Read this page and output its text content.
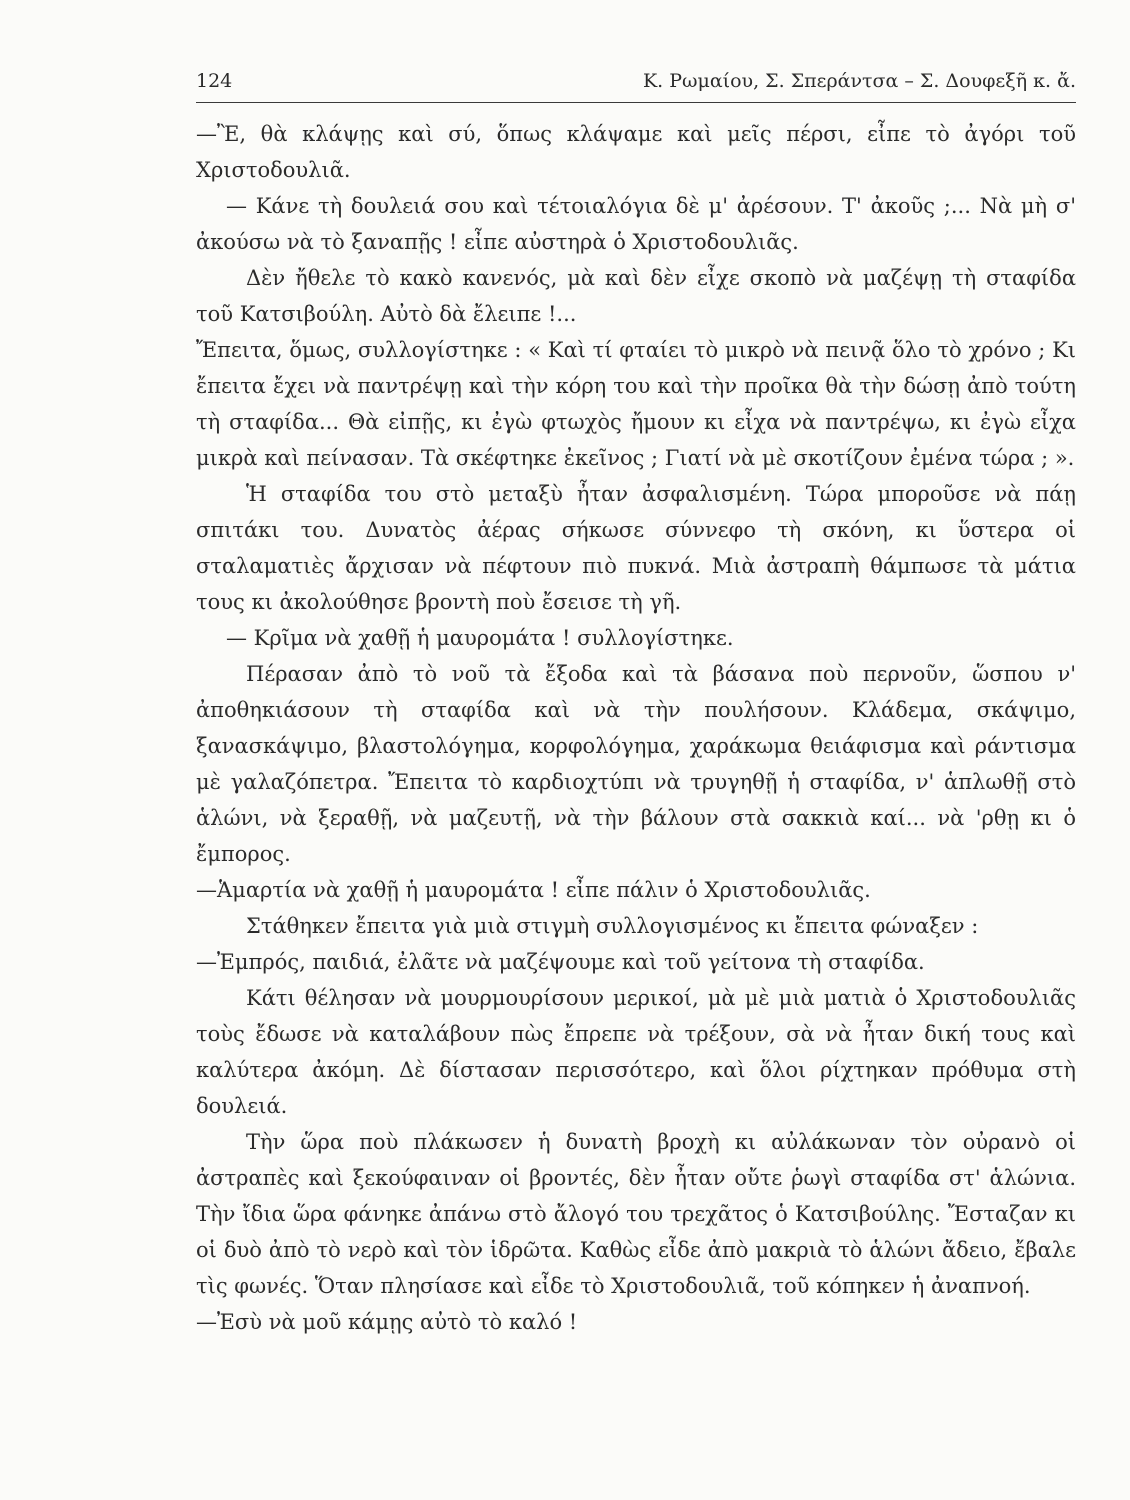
124	Κ. Ρωμαίου, Σ. Σπεράντσα – Σ. Δουφεξῆ κ. ἄ.

—Ἒ, θὰ κλάψῃς καὶ σύ, ὅπως κλάψαμε καὶ μεῖς πέρσι, εἶπε τὸ ἀγόρι τοῦ Χριστοδουλιᾶ.

— Κάνε τὴ δουλειά σου καὶ τέτοιαλόγια δὲ μ' ἀρέσουν. Τ' ἀκοῦς ;... Νὰ μὴ σ' ἀκούσω νὰ τὸ ξαναπῇς ! εἶπε αὐστηρὰ ὁ Χριστοδουλιᾶς.

Δὲν ἤθελε τὸ κακὸ κανενός, μὰ καὶ δὲν εἶχε σκοπὸ νὰ μαζέψῃ τὴ σταφίδα τοῦ Κατσιβούλη. Αὐτὸ δὰ ἔλειπε !...

Ἔπειτα, ὅμως, συλλογίστηκε : « Καὶ τί φταίει τὸ μικρὸ νὰ πεινᾷ ὅλο τὸ χρόνο ; Κι ἔπειτα ἔχει νὰ παντρέψῃ καὶ τὴν κόρη του καὶ τὴν προῖκα θὰ τὴν δώσῃ ἀπὸ τούτη τὴ σταφίδα... Θὰ εἰπῇς, κι ἐγὼ φτωχὸς ἤμουν κι εἶχα νὰ παντρέψω, κι ἐγὼ εἶχα μικρὰ καὶ πείνασαν. Τὰ σκέφτηκε ἐκεῖνος ; Γιατί νὰ μὲ σκοτίζουν ἐμένα τώρα ; ».

Ἡ σταφίδα του στὸ μεταξὺ ἦταν ἀσφαλισμένη. Τώρα μποροῦσε νὰ πάῃ σπιτάκι του. Δυνατὸς ἀέρας σήκωσε σύννεφο τὴ σκόνη, κι ὕστερα οἱ σταλαματιὲς ἄρχισαν νὰ πέφτουν πιὸ πυκνά. Μιὰ ἀστραπὴ θάμπωσε τὰ μάτια τους κι ἀκολούθησε βροντὴ ποὺ ἔσεισε τὴ γῆ.

— Κρῖμα νὰ χαθῇ ἡ μαυρομάτα ! συλλογίστηκε.

Πέρασαν ἀπὸ τὸ νοῦ τὰ ἔξοδα καὶ τὰ βάσανα ποὺ περνοῦν, ὥσπου ν' ἀποθηκιάσουν τὴ σταφίδα καὶ νὰ τὴν πουλήσουν. Κλάδεμα, σκάψιμο, ξανασκάψιμο, βλαστολόγημα, κορφολόγημα, χαράκωμα θειάφισμα καὶ ράντισμα μὲ γαλαζόπετρα. Ἔπειτα τὸ καρδιοχτύπι νὰ τρυγηθῇ ἡ σταφίδα, ν' ἁπλωθῇ στὸ ἁλώνι, νὰ ξεραθῇ, νὰ μαζευτῇ, νὰ τὴν βάλουν στὰ σακκιὰ καί... νὰ 'ρθῃ κι ὁ ἔμπορος.

—Ἁμαρτία νὰ χαθῇ ἡ μαυρομάτα ! εἶπε πάλιν ὁ Χριστοδουλιᾶς.

Στάθηκεν ἔπειτα γιὰ μιὰ στιγμὴ συλλογισμένος κι ἔπειτα φώναξεν :

—Ἐμπρός, παιδιά, ἐλᾶτε νὰ μαζέψουμε καὶ τοῦ γείτονα τὴ σταφίδα.

Κάτι θέλησαν νὰ μουρμουρίσουν μερικοί, μὰ μὲ μιὰ ματιὰ ὁ Χριστοδουλιᾶς τοὺς ἔδωσε νὰ καταλάβουν πὼς ἔπρεπε νὰ τρέξουν, σὰ νὰ ἦταν δική τους καὶ καλύτερα ἀκόμη. Δὲ δίστασαν περισσότερο, καὶ ὅλοι ρίχτηκαν πρόθυμα στὴ δουλειά.

Τὴν ὥρα ποὺ πλάκωσεν ἡ δυνατὴ βροχὴ κι αὐλάκωναν τὸν οὐρανὸ οἱ ἀστραπὲς καὶ ξεκούφαιναν οἱ βροντές, δὲν ἦταν οὔτε ῥωγὶ σταφίδα στ' ἁλώνια. Τὴν ἴδια ὥρα φάνηκε ἀπάνω στὸ ἄλογό του τρεχᾶτος ὁ Κατσιβούλης. Ἔσταζαν κι οἱ δυὸ ἀπὸ τὸ νερὸ καὶ τὸν ἱδρῶτα. Καθὼς εἶδε ἀπὸ μακριὰ τὸ ἁλώνι ἄδειο, ἔβαλε τὶς φωνές. Ὅταν πλησίασε καὶ εἶδε τὸ Χριστοδουλιᾶ, τοῦ κόπηκεν ἡ ἀναπνοή.

—Ἐσὺ νὰ μοῦ κάμῃς αὐτὸ τὸ καλό !
